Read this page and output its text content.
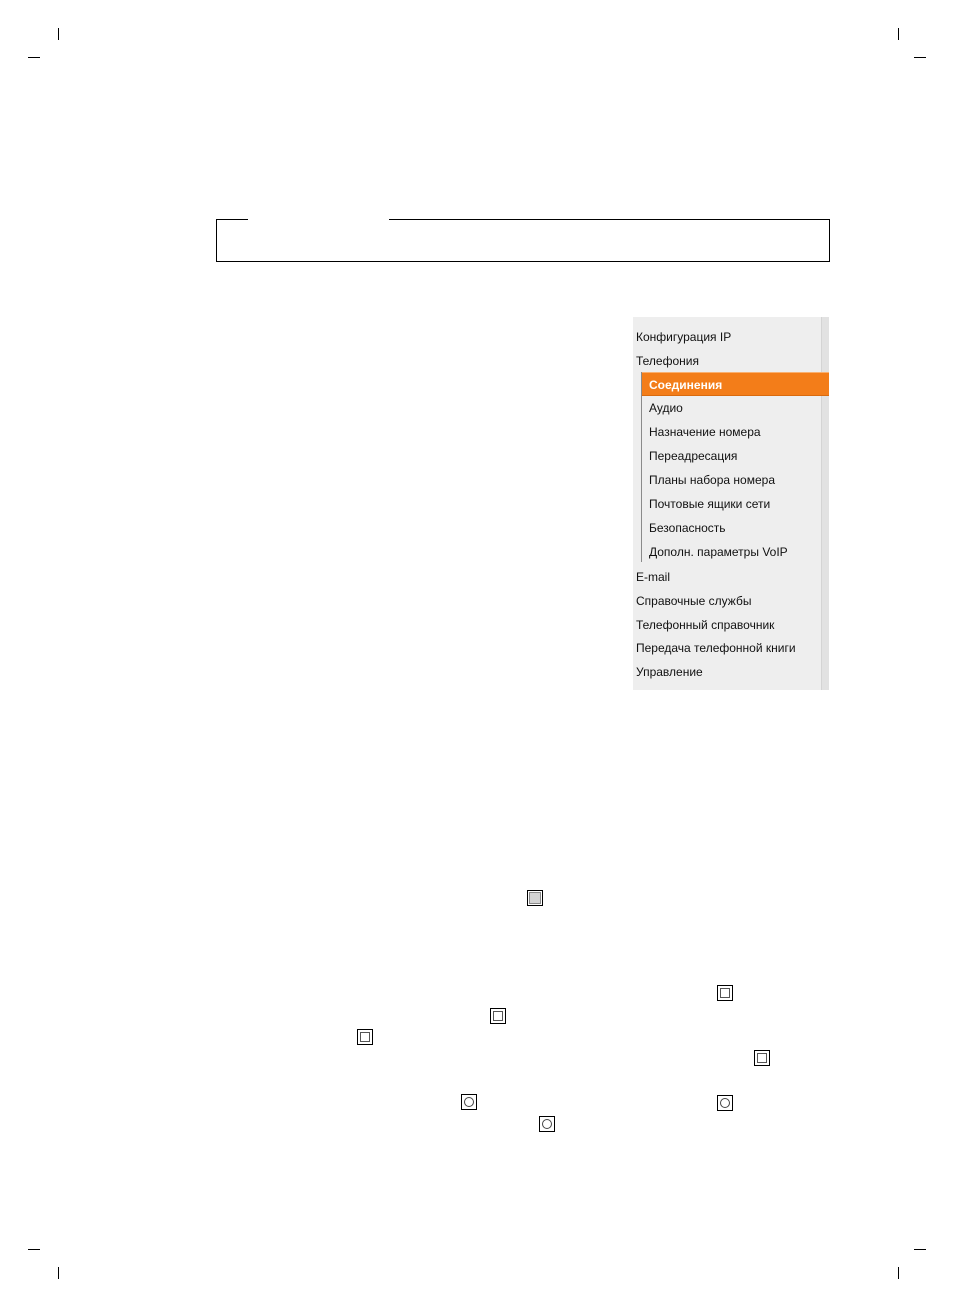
Конфигурация IP
Телефония
E-mail
Справочные службы
Телефонный справочник
Передача телефонной книги
Управление
Соединения
Аудио
Назначение номера
Переадресация
Планы набора номера
Почтовые ящики сети
Безопасность
Дополн. параметры VoIP
